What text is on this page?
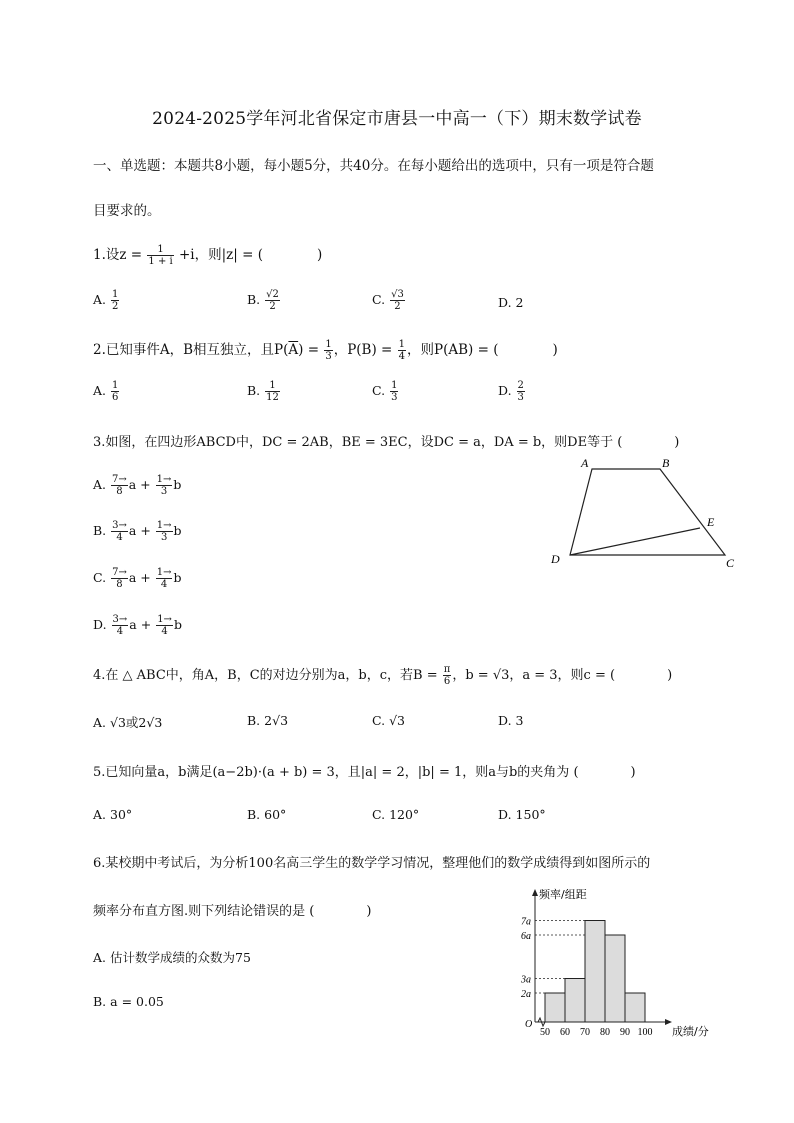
2024-2025学年河北省保定市唐县一中高一（下）期末数学试卷
一、单选题：本题共8小题，每小题5分，共40分。在每小题给出的选项中，只有一项是符合题
目要求的。
1.设$z = \frac{1}{1 + i} +i$，则|z| = (　　　　)
A. $\frac{1}{2}$	B. $\frac{√2}{2}$	C. $\frac{√3}{2}$	D. 2
2.已知事件A，B相互独立，且$P(\overline{A}) = \frac{1}{3}$ ，$P(B) = \frac{1}{4}$ ，则P(AB) = (　　　　)
A. $\frac{1}{6}$	B. $\frac{1}{12}$	C. $\frac{1}{3}$	D. $\frac{2}{3}$
3.如图，在四边形ABCD中，DC = 2AB，BE = 3EC，设DC = a，DA = b，则DE等于 (　　　　)
A. $\frac{7\to}{8}$ $a + \frac{1\to}{3}$ b
B. $\frac{3\to}{4}$ $a + \frac{1\to}{3}$ b
C. $\frac{7\to}{8}$ $a + \frac{1\to}{4}$ b
D. $\frac{3\to}{4}$ $a + \frac{1\to}{4}$ b
A	B
C
D
E
4.在 △ ABC中，角A，B，C的对边分别为a，b，c，若$B = \frac{\pi}{6}$ ，b = √3，a = 3，则c = (　　　　)
A. √3或2√3	B. 2√3	C. √3	D. 3
5.已知向量a，b满足(a−2b)·(a + b) = 3，且|a| = 2，|b| = 1，则a与b的夹角为 (　　　　)
A. 30°	B. 60°	C. 120°	D. 150°
6.某校期中考试后，为分析100名高三学生的数学学习情况，整理他们的数学成绩得到如图所示的
频率分布直方图.则下列结论错误的是 (　　　　)
A. 估计数学成绩的众数为75
B. a = 0.05	2a
3a
6a
7a
50 60 70 80 90 100
O
频率/组距
成绩/分
